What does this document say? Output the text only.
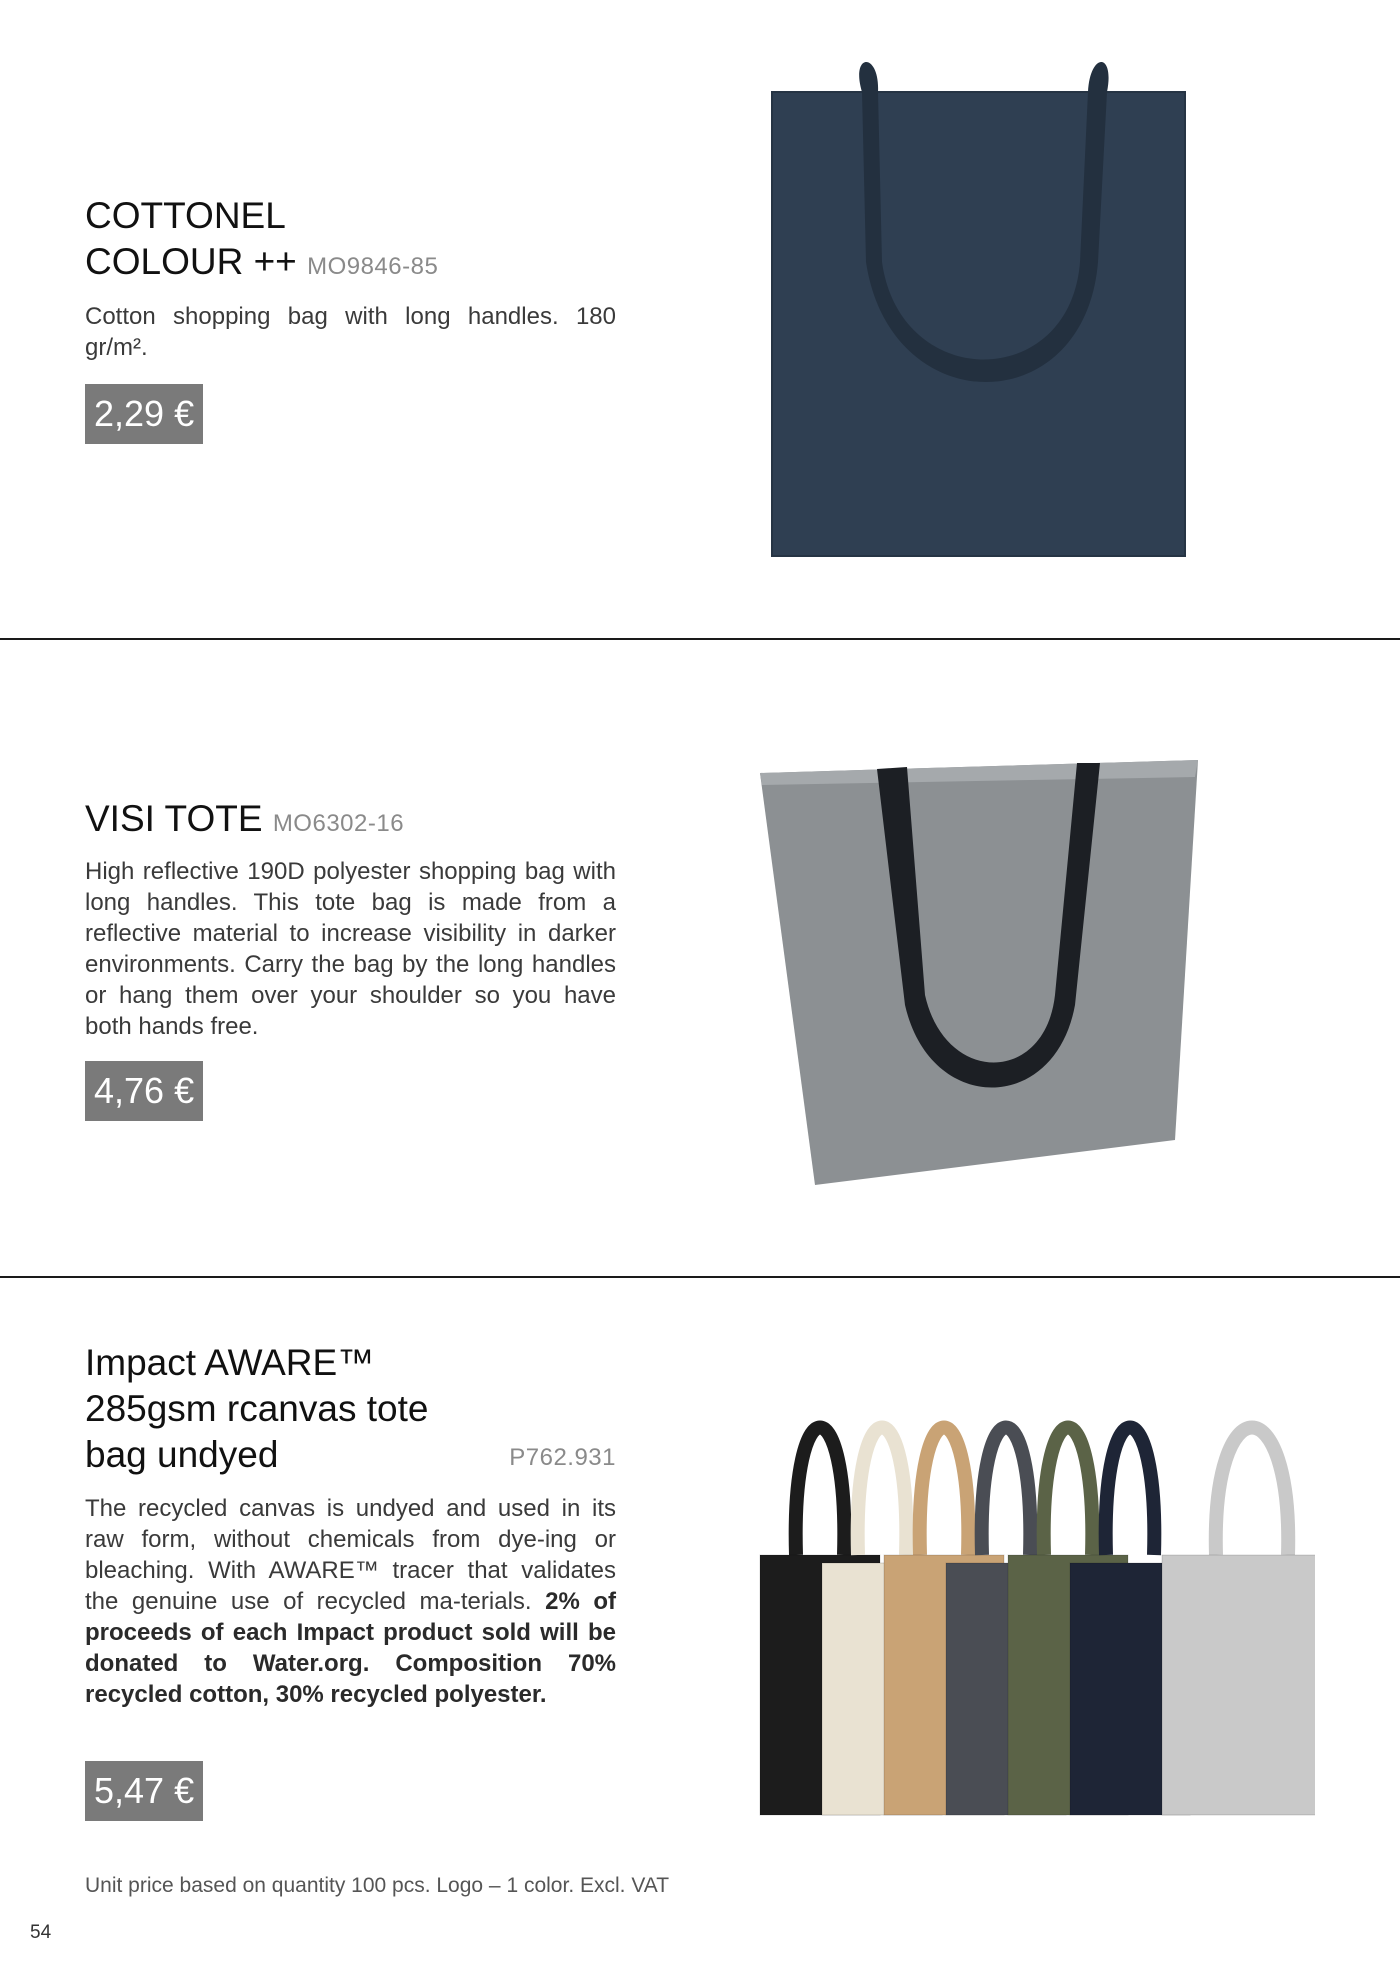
COTTONEL
COLOUR ++ MO9846-85

Cotton shopping bag with long handles. 180 gr/m².

2,29 €
VISI TOTE MO6302-16

High reflective 190D polyester shopping bag with long handles. This tote bag is made from a reflective material to increase visibility in darker environments. Carry the bag by the long handles or hang them over your shoulder so you have both hands free.

4,76 €
Impact AWARE™
285gsm rcanvas tote
bag undyed	P762.931

The recycled canvas is undyed and used in its raw form, without chemicals from dye-ing or bleaching. With AWARE™ tracer that validates the genuine use of recycled ma-terials. 2% of proceeds of each Impact product sold will be donated to Water.org. Composition 70% recycled cotton, 30% recycled polyester.

5,47 €
Unit price based on quantity 100 pcs. Logo – 1 color. Excl. VAT
54
